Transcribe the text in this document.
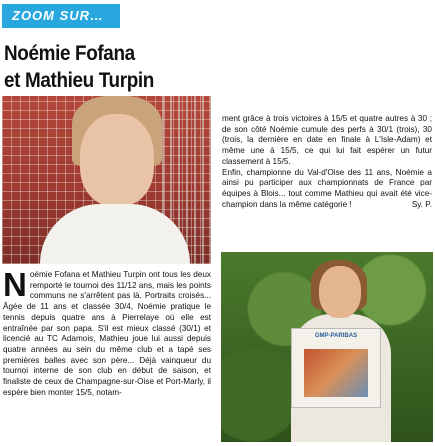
ZOOM SUR…
Noémie Fofana
et Mathieu Turpin
N oémie Fofana et Mathieu Turpin ont tous les deux remporté le tournoi des 11/12 ans, mais les points communs ne s'arrêtent pas là. Portraits croisés... Âgée de 11 ans et classée 30/4, Noémie pratique le tennis depuis quatre ans à Pierrelaye où elle est entraînée par son papa. S'il est mieux classé (30/1) et licencié au TC Adamois, Mathieu joue lui aussi depuis quatre années au sein du même club et a tapé ses premières balles avec son père... Déjà vainqueur du tournoi interne de son club en début de saison, et finaliste de ceux de Champagne-sur-Oise et Port-Marly, il espère bien monter 15/5, notam-

ment grâce à trois victoires à 15/5 et quatre autres à 30 ; de son côté Noémie cumule des perfs à 30/1 (trois), 30 (trois, la dernière en date en finale à L'Isle-Adam) et même une à 15/5, ce qui lui fait espérer un futur classement à 15/5.

Enfin, championne du Val-d'Oise des 11 ans, Noémie a ainsi pu participer aux championnats de France par équipes à Blois... tout comme Mathieu qui avait été vice-champion dans la même catégorie !	Sy. P.

GMP-PARIBAS
